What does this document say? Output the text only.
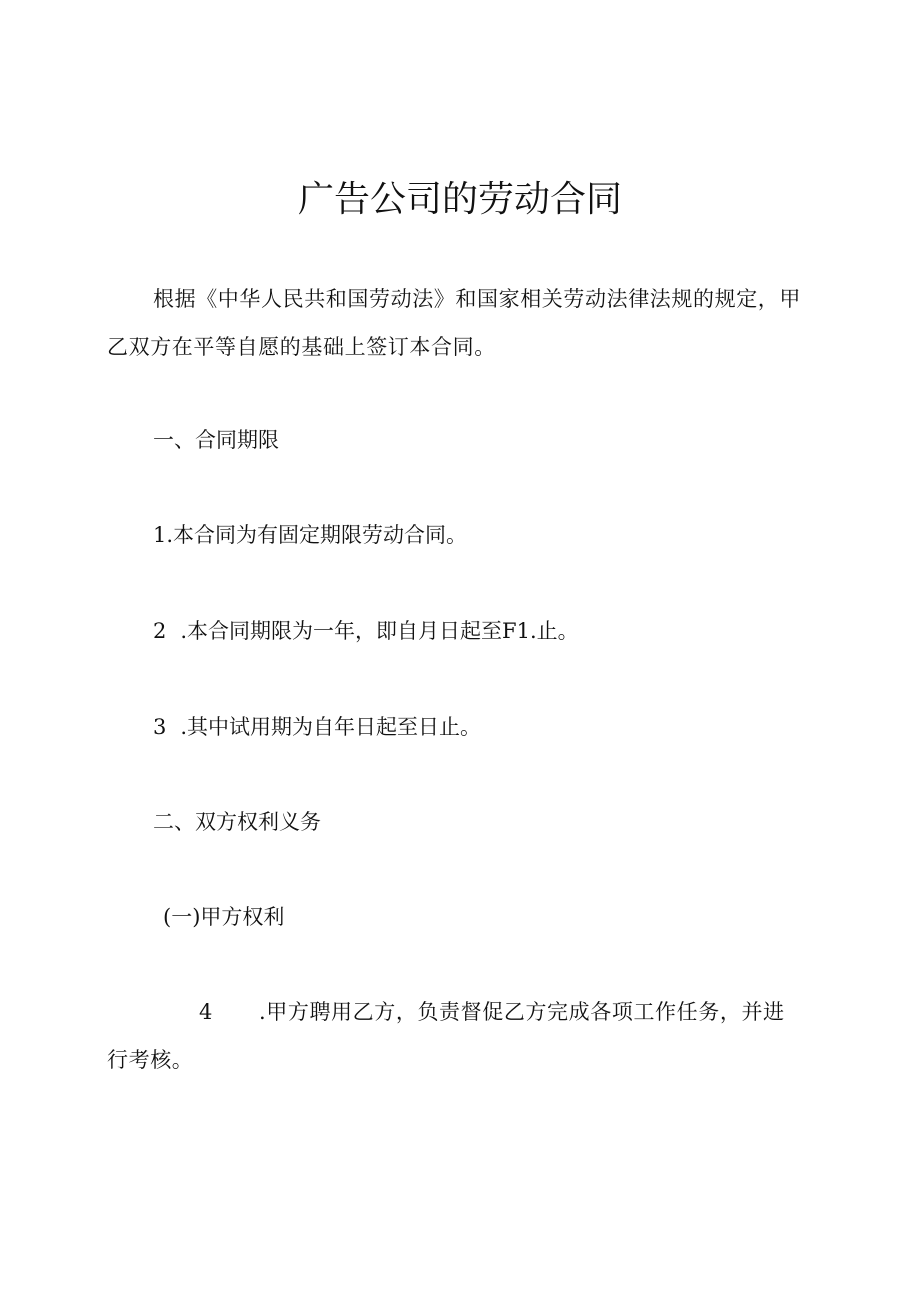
广告公司的劳动合同

根据《中华人民共和国劳动法》和国家相关劳动法律法规的规定，甲乙双方在平等自愿的基础上签订本合同。

一、合同期限

1.本合同为有固定期限劳动合同。

2 .本合同期限为一年，即自月日起至F1.止。

3 .其中试用期为自年日起至日止。

二、双方权利义务

(一)甲方权利

4 .甲方聘用乙方，负责督促乙方完成各项工作任务，并进行考核。
